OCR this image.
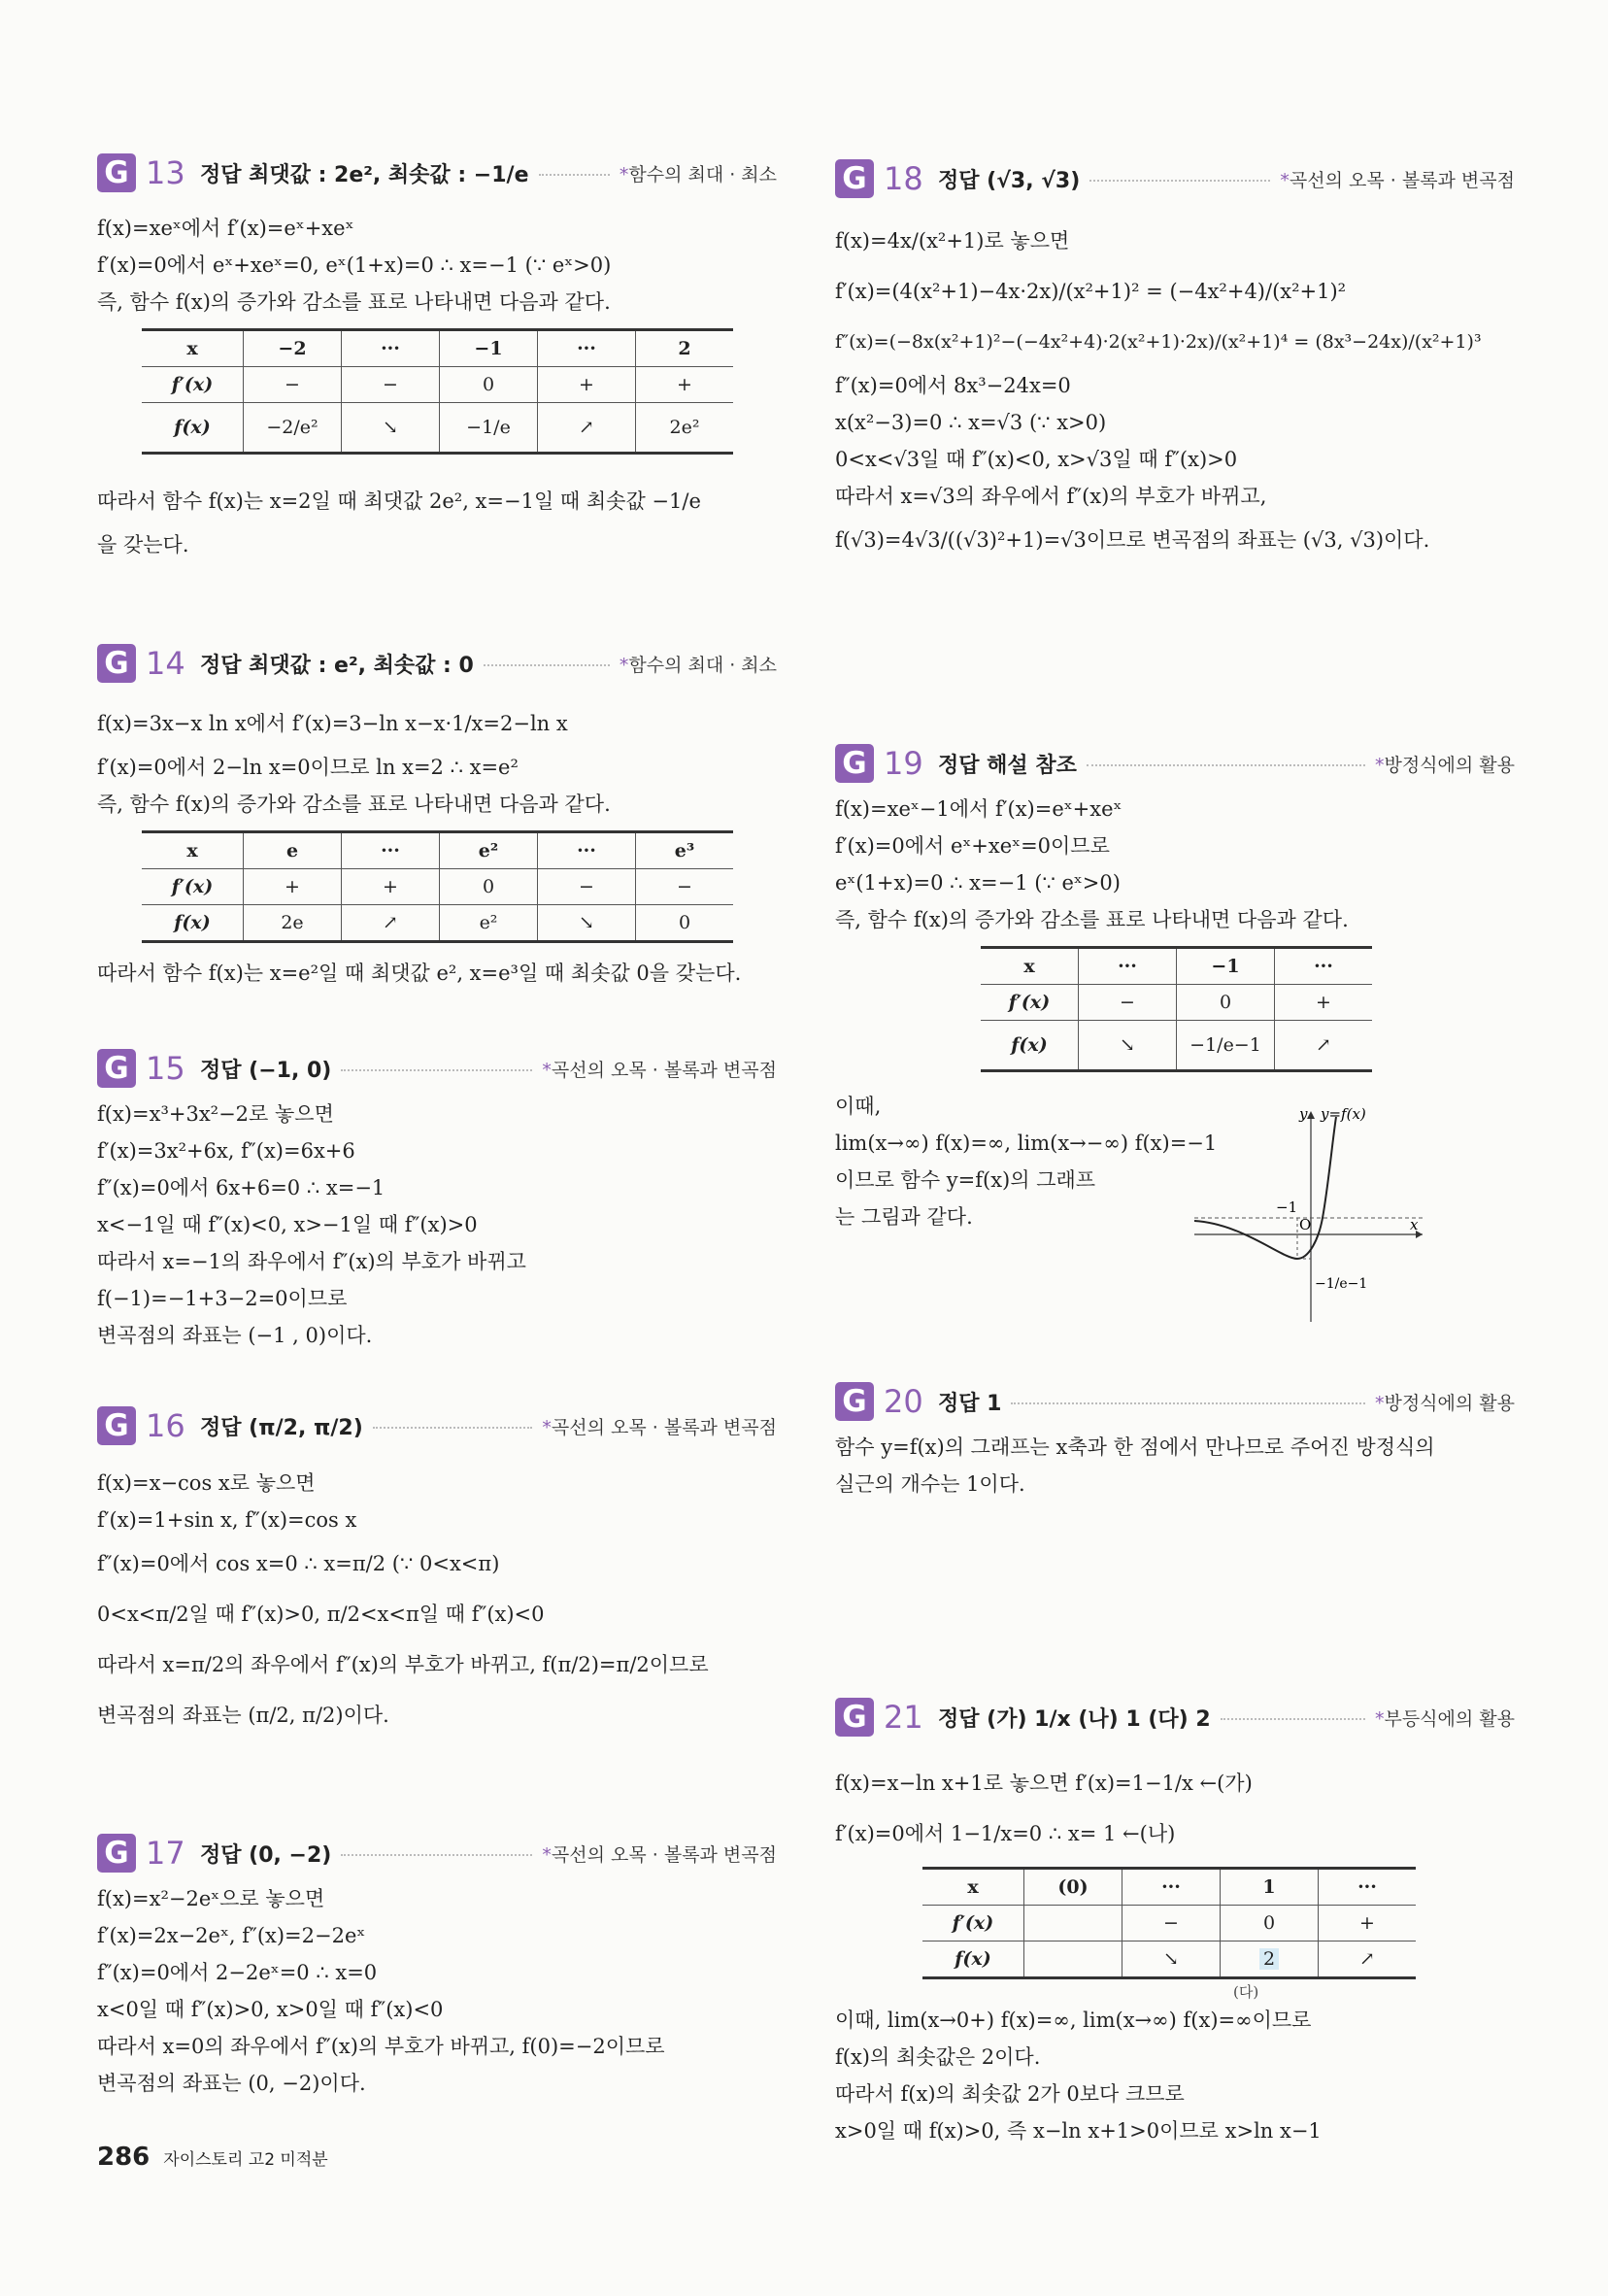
G 13 정답 최댓값 : 2e², 최솟값 : −1/e	*함수의 최대 · 최소
f(x)=xeˣ에서 f′(x)=eˣ+xeˣ
f′(x)=0에서 eˣ+xeˣ=0, eˣ(1+x)=0 ∴ x=−1 (∵ eˣ>0)
즉, 함수 f(x)의 증가와 감소를 표로 나타내면 다음과 같다.
x	−2	···	−1	···	2
f′(x)	−	−	0	+	+
f(x)	−2/e²	↘	−1/e	↗	2e²
따라서 함수 f(x)는 x=2일 때 최댓값 2e², x=−1일 때 최솟값 −1/e
을 갖는다.
G 14 정답 최댓값 : e², 최솟값 : 0	*함수의 최대 · 최소
f(x)=3x−x ln x에서 f′(x)=3−ln x−x·1/x=2−ln x
f′(x)=0에서 2−ln x=0이므로 ln x=2 ∴ x=e²
즉, 함수 f(x)의 증가와 감소를 표로 나타내면 다음과 같다.
x	e	···	e²	···	e³
f′(x)	+	+	0	−	−
f(x)	2e	↗	e²	↘	0
따라서 함수 f(x)는 x=e²일 때 최댓값 e², x=e³일 때 최솟값 0을 갖는다.
G 15 정답 (−1, 0)	*곡선의 오목 · 볼록과 변곡점
f(x)=x³+3x²−2로 놓으면
f′(x)=3x²+6x, f″(x)=6x+6
f″(x)=0에서 6x+6=0 ∴ x=−1
x<−1일 때 f″(x)<0, x>−1일 때 f″(x)>0
따라서 x=−1의 좌우에서 f″(x)의 부호가 바뀌고
f(−1)=−1+3−2=0이므로
변곡점의 좌표는 (−1 , 0)이다.
G 16 정답 (π/2, π/2)	*곡선의 오목 · 볼록과 변곡점
f(x)=x−cos x로 놓으면
f′(x)=1+sin x, f″(x)=cos x
f″(x)=0에서 cos x=0 ∴ x=π/2 (∵ 0<x<π)
0<x<π/2일 때 f″(x)>0, π/2<x<π일 때 f″(x)<0
따라서 x=π/2의 좌우에서 f″(x)의 부호가 바뀌고, f(π/2)=π/2이므로
변곡점의 좌표는 (π/2, π/2)이다.
G 17 정답 (0, −2)	*곡선의 오목 · 볼록과 변곡점
f(x)=x²−2eˣ으로 놓으면
f′(x)=2x−2eˣ, f″(x)=2−2eˣ
f″(x)=0에서 2−2eˣ=0 ∴ x=0
x<0일 때 f″(x)>0, x>0일 때 f″(x)<0
따라서 x=0의 좌우에서 f″(x)의 부호가 바뀌고, f(0)=−2이므로
변곡점의 좌표는 (0, −2)이다.
G 18 정답 (√3, √3)	*곡선의 오목 · 볼록과 변곡점
f(x)=4x/(x²+1)로 놓으면
f′(x)=(4(x²+1)−4x·2x)/(x²+1)² = (−4x²+4)/(x²+1)²
f″(x)=(−8x(x²+1)²−(−4x²+4)·2(x²+1)·2x)/(x²+1)⁴ = (8x³−24x)/(x²+1)³
f″(x)=0에서 8x³−24x=0
x(x²−3)=0 ∴ x=√3 (∵ x>0)
0<x<√3일 때 f″(x)<0, x>√3일 때 f″(x)>0
따라서 x=√3의 좌우에서 f″(x)의 부호가 바뀌고,
f(√3)=4√3/((√3)²+1)=√3이므로 변곡점의 좌표는 (√3, √3)이다.
G 19 정답 해설 참조	*방정식에의 활용
f(x)=xeˣ−1에서 f′(x)=eˣ+xeˣ
f′(x)=0에서 eˣ+xeˣ=0이므로
eˣ(1+x)=0 ∴ x=−1 (∵ eˣ>0)
즉, 함수 f(x)의 증가와 감소를 표로 나타내면 다음과 같다.
x	···	−1	···
f′(x)	−	0	+
f(x)	↘	−1/e−1	↗
이때,
lim(x→∞) f(x)=∞, lim(x→−∞) f(x)=−1
이므로 함수 y=f(x)의 그래프
는 그림과 같다.
y y=f(x)
x
O
−1
−1/e−1
G 20 정답 1	*방정식에의 활용
함수 y=f(x)의 그래프는 x축과 한 점에서 만나므로 주어진 방정식의
실근의 개수는 1이다.
G 21 정답 (가) 1/x (나) 1 (다) 2	*부등식에의 활용
f(x)=x−ln x+1로 놓으면 f′(x)=1−1/x ←(가)
f′(x)=0에서 1−1/x=0 ∴ x= 1 ←(나)
x	(0)	···	1	···
f′(x)		−	0	+
f(x)		↘	2	↗
(다)
이때, lim(x→0+) f(x)=∞, lim(x→∞) f(x)=∞이므로
f(x)의 최솟값은 2이다.
따라서 f(x)의 최솟값 2가 0보다 크므로
x>0일 때 f(x)>0, 즉 x−ln x+1>0이므로 x>ln x−1
286 자이스토리 고2 미적분
